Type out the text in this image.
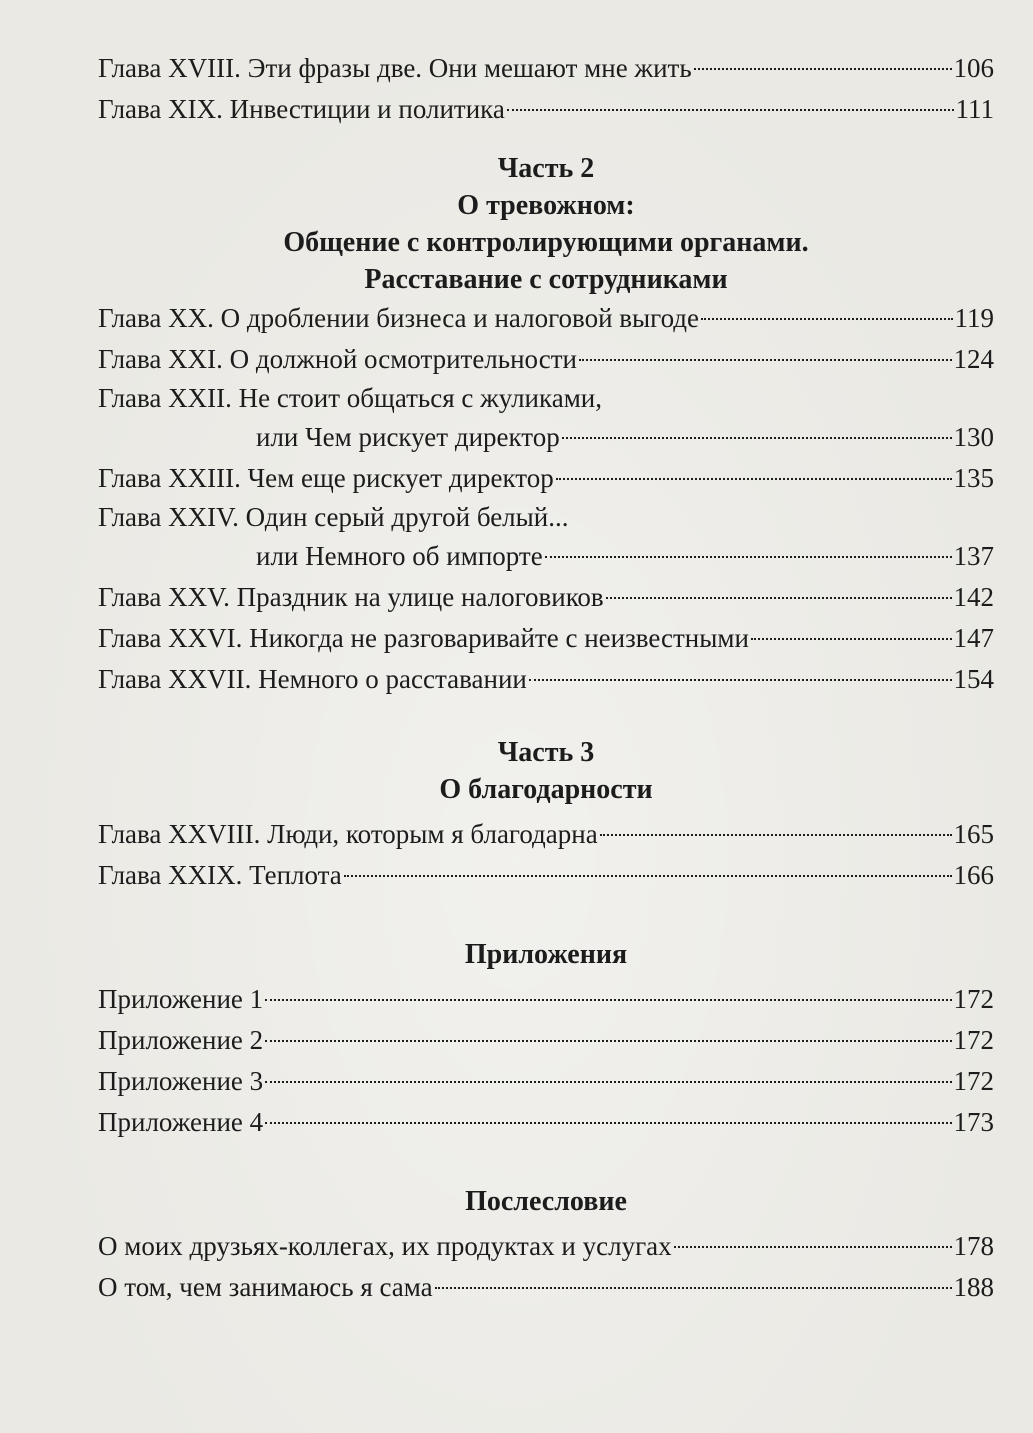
Глава XVIII. Эти фразы две. Они мешают мне жить	106
Глава XIX. Инвестиции и политика	111
Часть 2
О тревожном:
Общение с контролирующими органами.
Расставание с сотрудниками
Глава XX. О дроблении бизнеса и налоговой выгоде	119
Глава XXI. О должной осмотрительности	124
Глава XXII. Не стоит общаться с жуликами,
или Чем рискует директор	130
Глава XXIII. Чем еще рискует директор	135
Глава XXIV. Один серый другой белый...
или Немного об импорте	137
Глава XXV. Праздник на улице налоговиков	142
Глава XXVI. Никогда не разговаривайте с неизвестными	147
Глава XXVII. Немного о расставании	154
Часть 3
О благодарности
Глава XXVIII. Люди, которым я благодарна	165
Глава XXIX. Теплота	166
Приложения
Приложение 1	172
Приложение 2	172
Приложение 3	172
Приложение 4	173
Послесловие
О моих друзьях-коллегах, их продуктах и услугах	178
О том, чем занимаюсь я сама	188
